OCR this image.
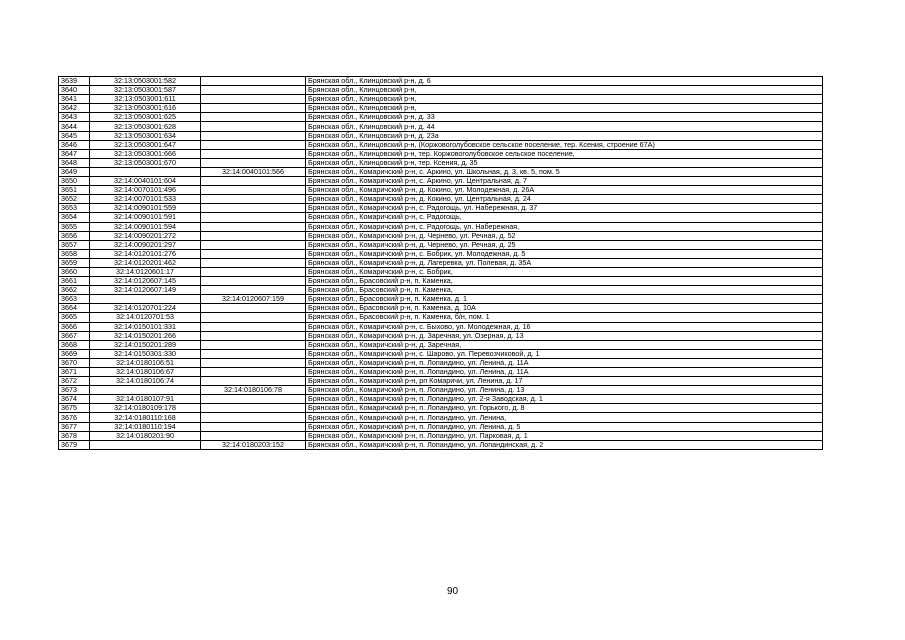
3639	32:13:0503001:582		Брянская обл., Клинцовский р-н, д. 6
3640	32:13:0503001:587		Брянская обл., Клинцовский р-н,
3641	32:13:0503001:611		Брянская обл., Клинцовский р-н,
3642	32:13:0503001:616		Брянская обл., Клинцовский р-н,
3643	32:13:0503001:625		Брянская обл., Клинцовский р-н, д. 33
3644	32:13:0503001:628		Брянская обл., Клинцовский р-н, д. 44
3645	32:13:0503001:634		Брянская обл., Клинцовский р-н, д. 23а
3646	32:13:0503001:647		Брянская обл., Клинцовский р-н, (Коржовоголубовское сельское поселение, тер. Ксения, строение 67А)
3647	32:13:0503001:666		Брянская обл., Клинцовский р-н, тер. Коржовоголубовское сельское поселение,
3648	32:13:0503001:670		Брянская обл., Клинцовский р-н, тер. Ксения, д. 35
3649		32:14:0040101:566	Брянская обл., Комаричский р-н, с. Аркино, ул. Школьная, д. 3, кв. 5, пом. 5
3650	32:14:0040101:604		Брянская обл., Комаричский р-н, с. Аркино, ул. Центральная, д. 7
3651	32:14:0070101:496		Брянская обл., Комаричский р-н, д. Кокино, ул. Молодежная, д. 26А
3652	32:14:0070101:533		Брянская обл., Комаричский р-н, д. Кокино, ул. Центральная, д. 24
3653	32:14:0090101:559		Брянская обл., Комаричский р-н, с. Радогощь, ул. Набережная, д. 37
3654	32:14:0090101:591		Брянская обл., Комаричский р-н, с. Радогощь,
3655	32:14:0090101:594		Брянская обл., Комаричский р-н, с. Радогощь, ул. Набережная,
3656	32:14:0090201:272		Брянская обл., Комаричский р-н, д. Чернево, ул. Речная, д. 52
3657	32:14:0090201:297		Брянская обл., Комаричский р-н, д. Чернево, ул. Речная, д. 25
3658	32:14:0120101:276		Брянская обл., Комаричский р-н, с. Бобрик, ул. Молодежная, д. 5
3659	32:14:0120201:462		Брянская обл., Комаричский р-н, д. Лагеревка, ул. Полевая, д. 35А
3660	32:14:0120601:17		Брянская обл., Комаричский р-н, с. Бобрик,
3661	32:14:0120607:145		Брянская обл., Брасовский р-н, п. Каменка,
3662	32:14:0120607:149		Брянская обл., Брасовский р-н, п. Каменка,
3663		32:14:0120607:159	Брянская обл., Брасовский р-н, п. Каменка, д. 1
3664	32:14:0120701:224		Брянская обл., Брасовский р-н, п. Каменка, д. 10А
3665	32:14:0120701:53		Брянская обл., Брасовский р-н, п. Каменка, б/н, пом. 1
3666	32:14:0150101:331		Брянская обл., Комаричский р-н, с. Быхово, ул. Молодежная, д. 16
3667	32:14:0150201:266		Брянская обл., Комаричский р-н, д. Заречная, ул. Озерная, д. 13
3668	32:14:0150201:289		Брянская обл., Комаричский р-н, д. Заречная,
3669	32:14:0150301:330		Брянская обл., Комаричский р-н, с. Шарово, ул. Перевозчиковой, д. 1
3670	32:14:0180106:51		Брянская обл., Комаричский р-н, п. Лопандино, ул. Ленина, д. 11А
3671	32:14:0180106:67		Брянская обл., Комаричский р-н, п. Лопандино, ул. Ленина, д. 11А
3672	32:14:0180106:74		Брянская обл., Комаричский р-н, рп Комаричи, ул. Ленина, д. 17
3673		32:14:0180106:78	Брянская обл., Комаричский р-н, п. Лопандино, ул. Ленина, д. 13
3674	32:14:0180107:91		Брянская обл., Комаричский р-н, п. Лопандино, ул. 2-я Заводская, д. 1
3675	32:14:0180109:178		Брянская обл., Комаричский р-н, п. Лопандино, ул. Горького, д. 8
3676	32:14:0180110:168		Брянская обл., Комаричский р-н, п. Лопандино, ул. Ленина,
3677	32:14:0180110:194		Брянская обл., Комаричский р-н, п. Лопандино, ул. Ленина, д. 5
3678	32:14:0180201:90		Брянская обл., Комаричский р-н, п. Лопандино, ул. Парковая, д. 1
3679		32:14:0180203:152	Брянская обл., Комаричский р-н, п. Лопандино, ул. Лопандинская, д. 2
90
